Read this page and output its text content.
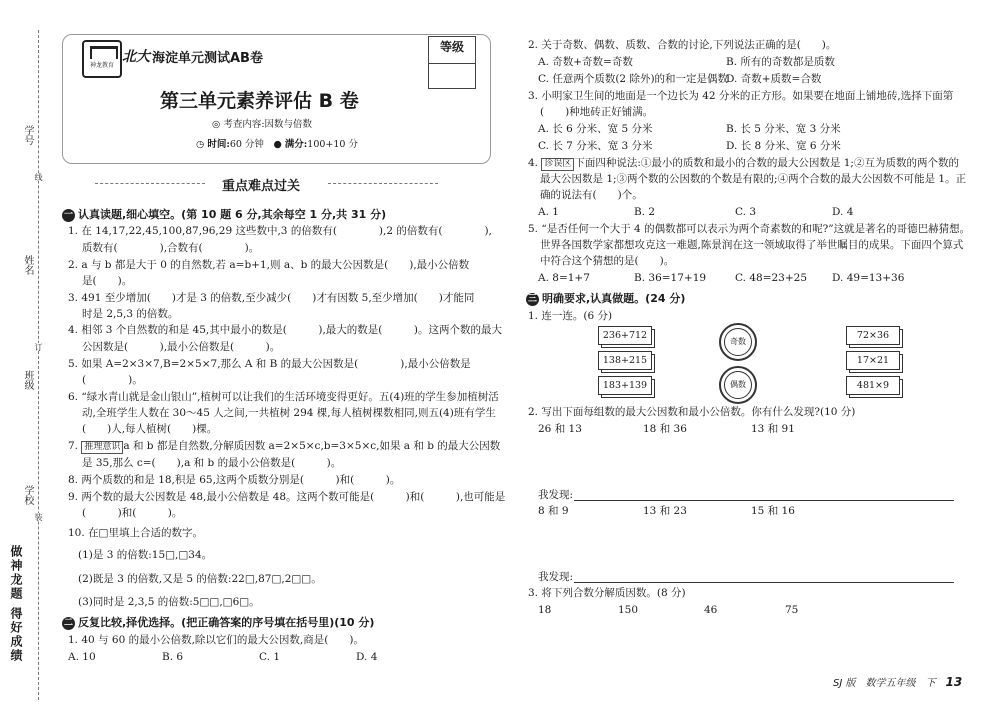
学号
姓名
班级
学校
线
订
装
做神龙题 得好成绩
神龙教育
北大 海淀单元测试AB卷
等级
第三单元素养评估 B 卷
◎ 考查内容:因数与倍数
◷ 时间:60 分钟　 ● 满分:100+10 分
重点难点过关
一 认真读题,细心填空。(第 10 题 6 分,其余每空 1 分,共 31 分)
1. 在 14,17,22,45,100,87,96,29 这些数中,3 的倍数有(　　　　),2 的倍数有(　　　　),
质数有(　　　　),合数有(　　　　)。
2. a 与 b 都是大于 0 的自然数,若 a=b+1,则 a、b 的最大公因数是(　　),最小公倍数
是(　　)。
3. 491 至少增加(　　)才是 3 的倍数,至少减少(　　)才有因数 5,至少增加(　　)才能同
时是 2,5,3 的倍数。
4. 相邻 3 个自然数的和是 45,其中最小的数是(　　　),最大的数是(　　　)。这两个数的最大
公因数是(　　　),最小公倍数是(　　　)。
5. 如果 A=2×3×7,B=2×5×7,那么 A 和 B 的最大公因数是(　　　　),最小公倍数是
(　　　　)。
6. “绿水青山就是金山银山”,植树可以让我们的生活环境变得更好。五(4)班的学生参加植树活
动,全班学生人数在 30～45 人之间,一共植树 294 棵,每人植树棵数相同,则五(4)班有学生
(　　)人,每人植树(　　)棵。
7. 推理意识 a 和 b 都是自然数,分解质因数 a=2×5×c,b=3×5×c,如果 a 和 b 的最大公因数
是 35,那么 c=(　　),a 和 b 的最小公倍数是(　　　)。
8. 两个质数的和是 18,积是 65,这两个质数分别是(　　　)和(　　　)。
9. 两个数的最大公因数是 48,最小公倍数是 48。这两个数可能是(　　　)和(　　　),也可能是
(　　　)和(　　　)。
10. 在□里填上合适的数字。
(1)是 3 的倍数:15□,□34。
(2)既是 3 的倍数,又是 5 的倍数:22□,87□,2□□。
(3)同时是 2,3,5 的倍数:5□□,□6□。
二 反复比较,择优选择。(把正确答案的序号填在括号里)(10 分)
1. 40 与 60 的最小公倍数,除以它们的最大公因数,商是(　　)。
A. 10	B. 6	C. 1	D. 4
2. 关于奇数、偶数、质数、合数的讨论,下列说法正确的是(　　)。
A. 奇数+奇数=奇数	B. 所有的奇数都是质数
C. 任意两个质数(2 除外)的和一定是偶数
D. 奇数+质数=合数
3. 小明家卫生间的地面是一个边长为 42 分米的正方形。如果要在地面上铺地砖,选择下面第
(　　)种地砖正好铺满。
A. 长 6 分米、宽 5 分米	B. 长 5 分米、宽 3 分米
C. 长 7 分米、宽 3 分米	D. 长 8 分米、宽 6 分米
4. 诊误区 下面四种说法:①最小的质数和最小的合数的最大公因数是 1;②互为质数的两个数的
最大公因数是 1;③两个数的公因数的个数是有限的;④两个合数的最大公因数不可能是 1。正
确的说法有(　　)个。
A. 1	B. 2	C. 3	D. 4
5. “是否任何一个大于 4 的偶数都可以表示为两个奇素数的和呢?”这就是著名的哥德巴赫猜想。
世界各国数学家都想攻克这一难题,陈景润在这一领域取得了举世瞩目的成果。下面四个算式
中符合这个猜想的是(　　)。
A. 8=1+7	B. 36=17+19	C. 48=23+25 D. 49=13+36
三 明确要求,认真做题。(24 分)
1. 连一连。(6 分)
236+712
138+215
183+139
奇数
偶数
72×36
17×21
481×9
2. 写出下面每组数的最大公因数和最小公倍数。你有什么发现?(10 分)
26 和 13	18 和 36	13 和 91
我发现:
8 和 9	13 和 23	15 和 16
我发现:
3. 将下列合数分解质因数。(8 分)
18	150	46	75
SJ 版　 数学五年级　 下　 13
